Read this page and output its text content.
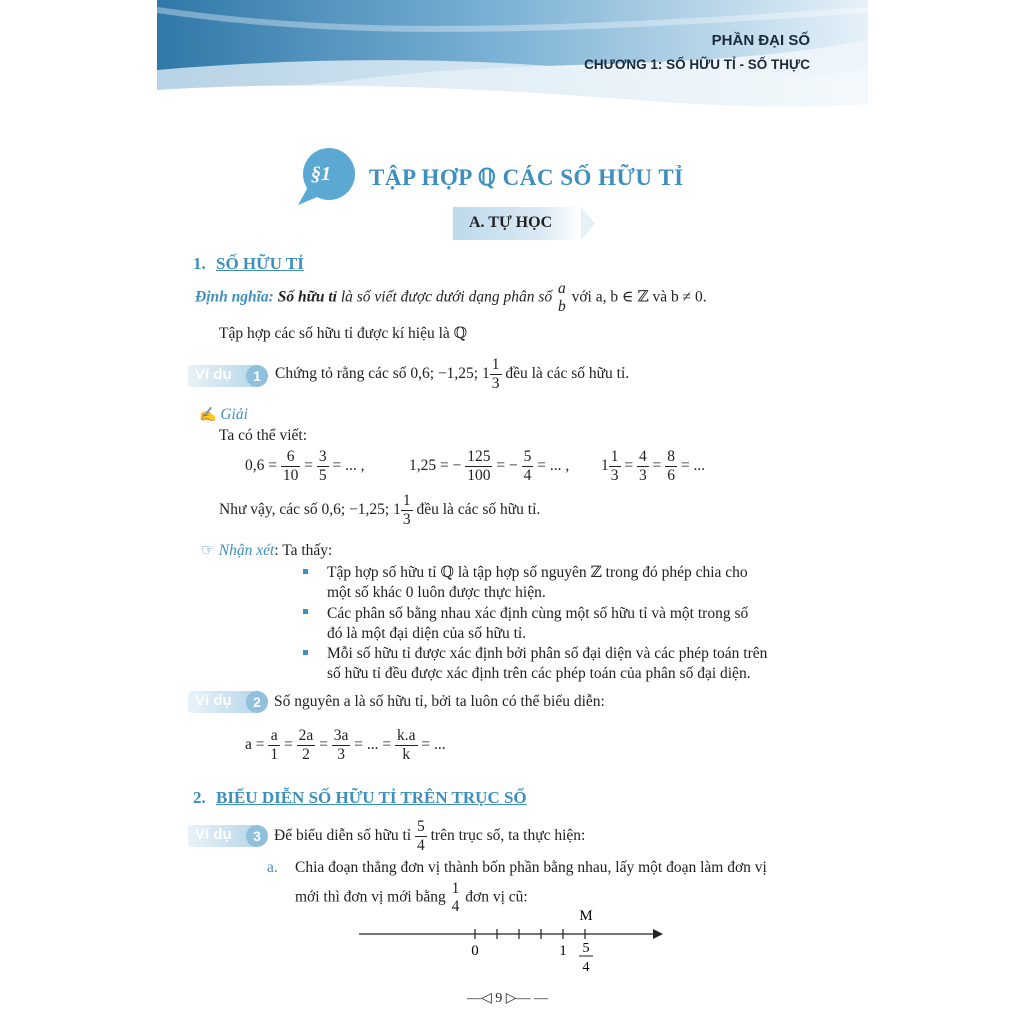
PHẦN ĐẠI SỐ
CHƯƠNG 1: SỐ HỮU TỈ - SỐ THỰC
§1 TẬP HỢP ℚ CÁC SỐ HỮU TỈ
A. TỰ HỌC
1. SỐ HỮU TỈ
Định nghĩa: Số hữu tỉ là số viết được dưới dạng phân số
a
b
với a, b ∈ ℤ và b ≠ 0.
Tập hợp các số hữu tỉ được kí hiệu là ℚ
Ví dụ	1 Chứng tỏ rằng các số 0,6; −1,25; $1 \frac{1}{3}$ đều là các số hữu tỉ.
✍ Giải
Ta có thể viết:
$0,6 = \frac{6}{10} = \frac{3}{5}$ = ... ,	1,25 = − $\frac{125}{100}$ = − $\frac{5}{4}$ = ... , $1 \frac{1}{3} = \frac{4}{3} = \frac{8}{6}$ = ...
Như vậy, các số 0,6; −1,25; $1 \frac{1}{3}$ đều là các số hữu tỉ.
☞ Nhận xét: Ta thấy:
Tập hợp số hữu tỉ ℚ là tập hợp số nguyên ℤ trong đó phép chia cho
một số khác 0 luôn được thực hiện.
Các phân số bằng nhau xác định cùng một số hữu tỉ và một trong số
đó là một đại diện của số hữu tỉ.
Mỗi số hữu tỉ được xác định bởi phân số đại diện và các phép toán trên
số hữu tỉ đều được xác định trên các phép toán của phân số đại diện.
Ví dụ	2 Số nguyên a là số hữu tỉ, bởi ta luôn có thể biểu diễn:
$a = \frac{a}{1} = \frac{2a}{2} = \frac{3a}{3}$ = ... = $\frac{k.a}{k}$ = ...
2. BIỂU DIỄN SỐ HỮU TỈ TRÊN TRỤC SỐ
Ví dụ	3 Để biểu diễn số hữu tỉ $\frac{5}{4}$ trên trục số, ta thực hiện:
a. Chia đoạn thẳng đơn vị thành bốn phần bằng nhau, lấy một đoạn làm đơn vị
mới thì đơn vị mới bằng
1
4
đơn vị cũ:
0	1
M
5
4
—◁ 9 ▷— —
